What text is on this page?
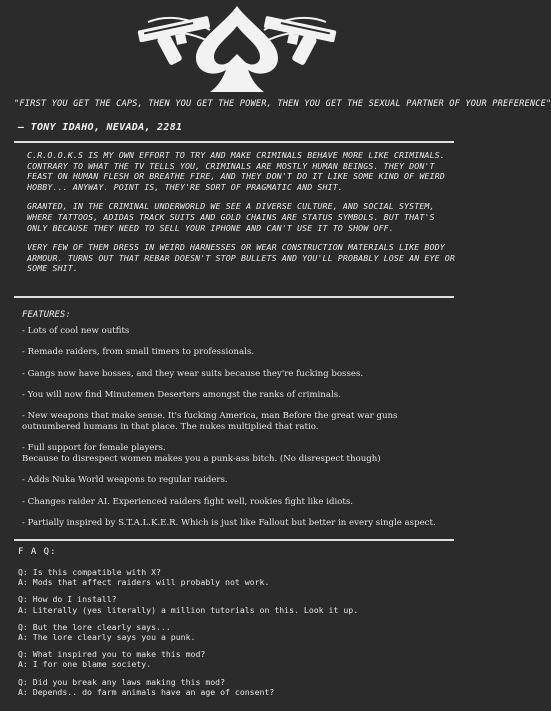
"FIRST YOU GET THE CAPS, THEN YOU GET THE POWER, THEN YOU GET THE SEXUAL PARTNER OF YOUR PREFERENCE"
— TONY IDAHO, NEVADA, 2281

C.R.O.O.K.S IS MY OWN EFFORT TO TRY AND MAKE CRIMINALS BEHAVE MORE LIKE CRIMINALS. CONTRARY TO WHAT THE TV TELLS YOU, CRIMINALS ARE MOSTLY HUMAN BEINGS. THEY DON'T FEAST ON HUMAN FLESH OR BREATHE FIRE, AND THEY DON'T DO IT LIKE SOME KIND OF WEIRD HOBBY... ANYWAY. POINT IS, THEY'RE SORT OF PRAGMATIC AND SHIT.

GRANTED, IN THE CRIMINAL UNDERWORLD WE SEE A DIVERSE CULTURE, AND SOCIAL SYSTEM, WHERE TATTOOS, ADIDAS TRACK SUITS AND GOLD CHAINS ARE STATUS SYMBOLS. BUT THAT'S ONLY BECAUSE THEY NEED TO SELL YOUR IPHONE AND CAN'T USE IT TO SHOW OFF.

VERY FEW OF THEM DRESS IN WEIRD HARNESSES OR WEAR CONSTRUCTION MATERIALS LIKE BODY ARMOUR. TURNS OUT THAT REBAR DOESN'T STOP BULLETS AND YOU'LL PROBABLY LOSE AN EYE OR SOME SHIT.

FEATURES:
- Lots of cool new outfits
- Remade raiders, from small timers to professionals.
- Gangs now have bosses, and they wear suits because they're fucking bosses.
- You will now find Minutemen Deserters amongst the ranks of criminals.
- New weapons that make sense. It's fucking America, man Before the great war guns outnumbered humans in that place. The nukes multiplied that ratio.
- Full support for female players.
Because to disrespect women makes you a punk-ass bitch. (No disrespect though)
- Adds Nuka World weapons to regular raiders.
- Changes raider AI. Experienced raiders fight well, rookies fight like idiots.
- Partially inspired by S.T.A.L.K.E.R. Which is just like Fallout but better in every single aspect.
F A Q:
Q: Is this compatible with X?
A: Mods that affect raiders will probably not work.
Q: How do I install?
A: Literally (yes literally) a million tutorials on this. Look it up.
Q: But the lore clearly says...
A: The lore clearly says you a punk.
Q: What inspired you to make this mod?
A: I for one blame society.
Q: Did you break any laws making this mod?
A: Depends.. do farm animals have an age of consent?
